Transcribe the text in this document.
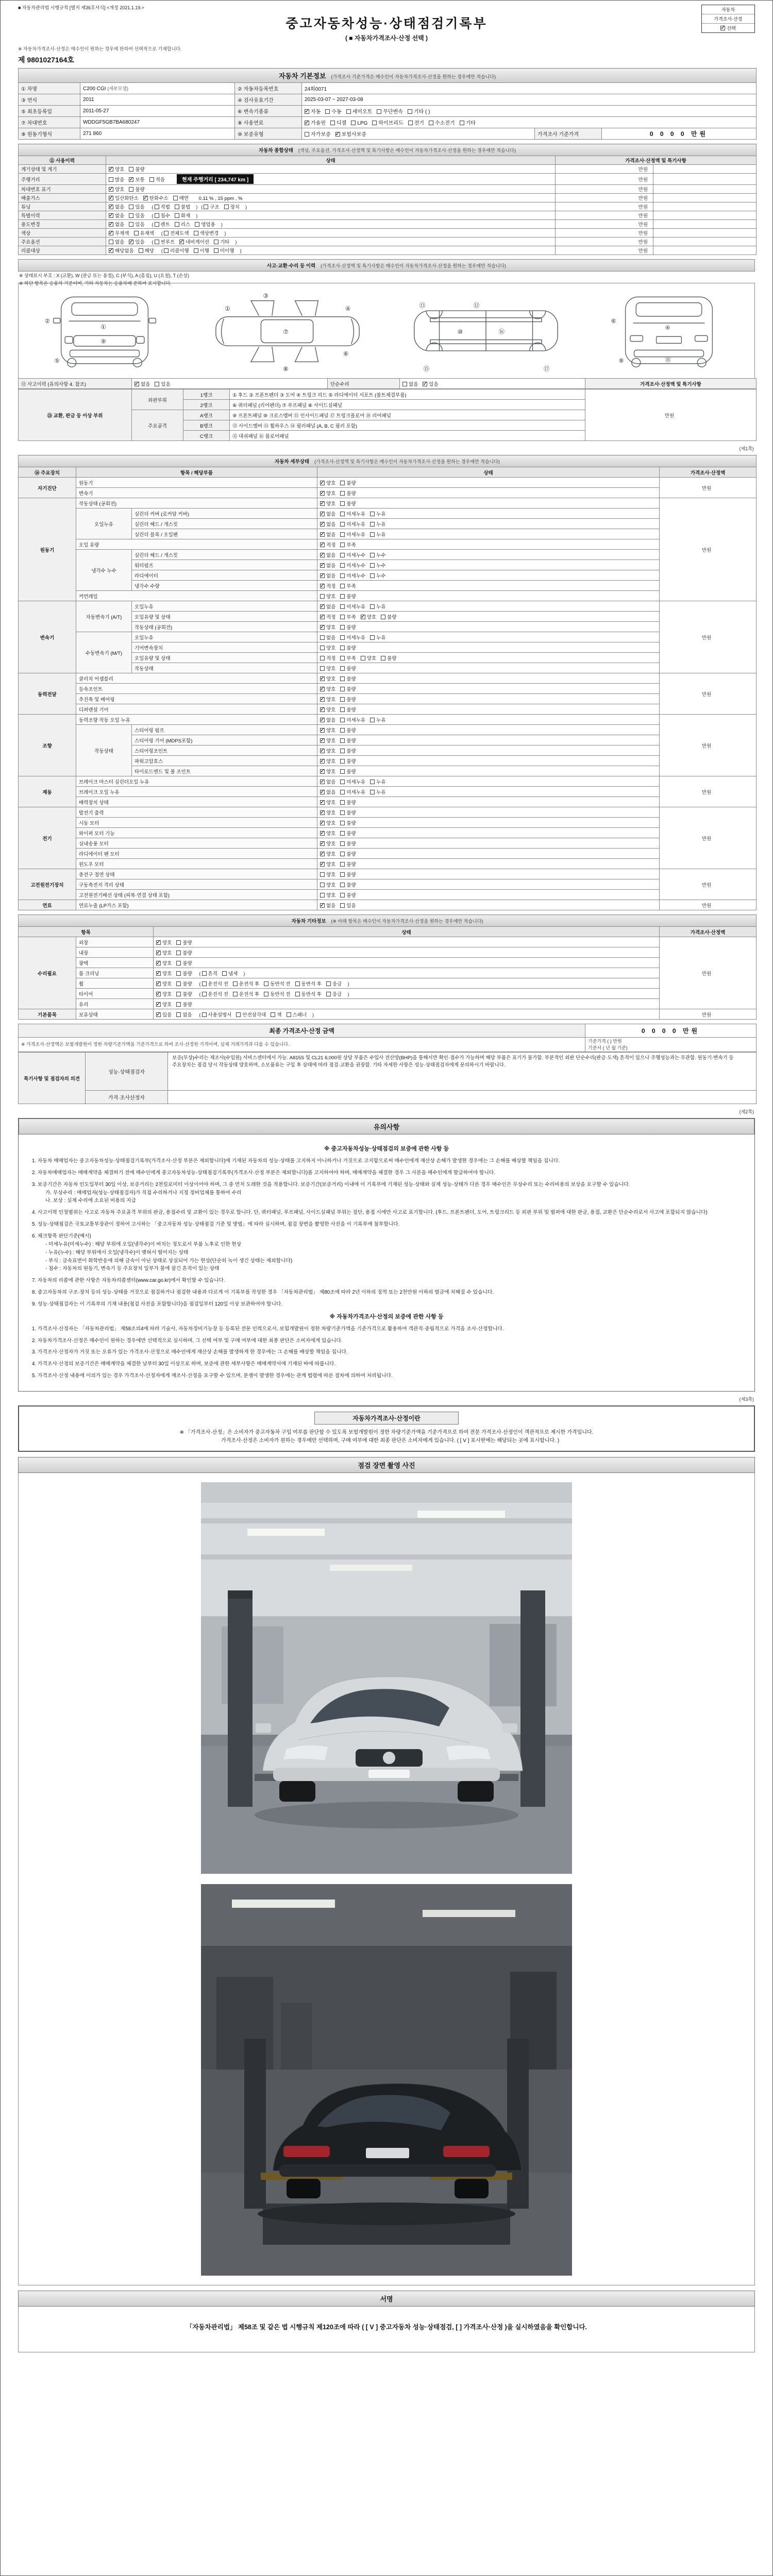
■ 자동차관리법 시행규칙 [별지 제36호서식] <개정 2021.1.19.>	자동차
가격조사·산정
✓선택
중고자동차성능·상태점검기록부
( ■ 자동차가격조사·산정 선택 )
※ 자동차가격조사·산정은 매수인이 원하는 경우에 한하여 선택적으로 기재합니다.
제 9801027164호
자동차 기본정보 (가격조사 기준가격은 매수인이 자동차가격조사·산정을 원하는 경우에만 적습니다)					
① 차명	C200 CGI (세부모델)	② 자동차등록번호	24회0071		
③ 연식	2011	④ 검사유효기간	2025-03-07 ~ 2027-03-08		
⑤ 최초등록일	2011-05-27	⑥ 변속기종류	✓자동 수동 세미오토 무단변속 기타 ( )
⑦ 차대번호	WDDGF5GB7BA680247	⑧ 사용연료	✓가솔린 디젤 LPG 하이브리드 전기 수소전기 기타
⑨ 원동기형식	271 860	⑩ 보증유형	자가보증 ✓ 보험사보증	가격조사 기준가격	0 0 0 0 만원
자동차 종합상태 (색상, 주요옵션, 가격조사·산정액 및 특기사항은 매수인이 자동차가격조사·산정을 원하는 경우에만 적습니다)			
⑪ 사용이력	상태	가격조사·산정액 및 특기사항	
계기상태 및 계기	✓양호 불량	만원	
주행거리	많음 ✓ 보통 적음 현재 주행거리 [ 234,747 km ]	만원	
차대번호 표기	✓양호 불량	만원	
배출가스	✓일산화탄소 ✓ 탄화수소 매연 0.11 % , 15 ppm , %	만원	
튜닝	✓없음 있음 ( 적법 불법 ) ( 구조 장치 )	만원	
특별이력	✓없음 있음 ( 침수 화재 )	만원	
용도변경	✓없음 있음 ( 렌트 리스 영업용 )	만원	
색상	✓무채색 유채색 ( 전체도색 색상변경 )	만원	
주요옵션	없음 ✓ 있음 ( 썬루프 ✓ 네비게이션 기타 )	만원	
리콜대상	✓해당없음 해당 ( 리콜이행 이행 미이행 )	만원	
사고·교환·수리 등 이력 (가격조사·산정액 및 특기사항은 매수인이 자동차가격조사·산정을 원하는 경우에만 적습니다)
※ 상태표시 부호 : X (교환), W (판금 또는 용접), C (부식), A (흠집), U (요철), T (손상)
※ 하단 항목은 승용차 기준이며, 기타 자동차는 승용차에 준하여 표시합니다.
①
②
⑨
⑤
⑦
③
①	④
⑥
⑧
⑩	⑯
⑬	⑫
⑮	⑰
④
⑥
⑱
⑧
⑫ 사고이력 (유의사항 4. 참조)	✓없음 있음	단순수리	없음 ✓ 있음	가격조사·산정액 및 특기사항
⑬ 교환, 판금 등 이상 부위	외판부위	1랭크	① 후드 ② 프론트펜더 ③ 도어 ④ 트렁크 리드 ⑤ 라디에이터 서포트 (볼트체결부품)	만원
		2랭크	⑥ 쿼터패널 (리어펜더) ⑦ 루프패널 ⑧ 사이드실패널	
	주요골격	A랭크	⑨ 프론트패널 ⑩ 크로스멤버 ⑪ 인사이드패널 ⑰ 트렁크플로어 ⑱ 리어패널	
		B랭크	⑫ 사이드멤버 ⑬ 휠하우스 ⑭ 필러패널 (A, B, C 필러 포함)	
		C랭크	⑮ 대쉬패널 ⑯ 플로어패널	
(제1쪽)
자동차 세부상태 (가격조사·산정액 및 특기사항은 매수인이 자동차가격조사·산정을 원하는 경우에만 적습니다)				
⑭ 주요장치	항목 / 해당부품		상태	가격조사·산정액
자기진단	원동기	✓양호 불량	만원
	변속기	✓양호 불량
원동기	작동상태 (공회전)	✓양호 불량	만원
	오일누유	실린더 커버 (로커암 커버)	✓없음 미세누유 누유
		실린더 헤드 / 개스킷	✓없음 미세누유 누유
		실린더 블록 / 오일팬	✓없음 미세누유 누유
	오일 유량	✓적정 부족
	냉각수 누수	실린더 헤드 / 개스킷	✓없음 미세누수 누수
		워터펌프	✓없음 미세누수 누수
		라디에이터	✓없음 미세누수 누수
		냉각수 수량	✓적정 부족
	커먼레일		양호 불량	
변속기	자동변속기 (A/T)	오일누유	✓없음 미세누유 누유	만원
		오일유량 및 상태	✓적정 부족 ✓ 양호 불량
		작동상태 (공회전)	✓양호 불량
	수동변속기 (M/T)	오일누유	없음 미세누유 누유	
		기어변속장치	양호 불량	
		오일유량 및 상태	적정 부족 양호 불량	
		작동상태	양호 불량	
동력전달	클러치 어셈블리	✓양호 불량	만원
	등속조인트	✓양호 불량
	추진축 및 베어링	✓양호 불량
	디퍼렌셜 기어	✓양호 불량
조향	동력조향 작동 오일 누유	✓없음 미세누유 누유	만원
	작동상태	스티어링 펌프	✓양호 불량
		스티어링 기어 (MDPS포함)	✓양호 불량
		스티어링조인트	✓양호 불량
		파워고압호스	✓양호 불량
		타이로드엔드 및 볼 조인트	✓양호 불량
제동	브레이크 마스터 실린더오일 누유	✓없음 미세누유 누유	만원
	브레이크 오일 누유	✓없음 미세누유 누유
	배력장치 상태	✓양호 불량
전기	발전기 출력	✓양호 불량	만원
	시동 모터	✓양호 불량
	와이퍼 모터 기능	✓양호 불량
	실내송풍 모터	✓양호 불량
	라디에이터 팬 모터	✓양호 불량
	윈도우 모터	✓양호 불량
고전원전기장치	충전구 절연 상태		양호 불량	만원
	구동축전지 격리 상태		양호 불량	
	고전원전기배선 상태 (피복·연결 상태 포함)		양호 불량	
연료	연료누출 (LP가스 포함)	✓없음 있음	만원
자동차 기타정보 (※ 아래 항목은 매수인이 자동차가격조사·산정을 원하는 경우에만 적습니다)			
항목		상태	가격조사·산정액
수리필요	외장	✓양호 불량	만원
	내장	✓양호 불량
	광택	✓양호 불량
	룸 크리닝	✓양호 불량 ( 흔적 냄새 )
	휠	✓양호 불량 ( 운전석 전 운전석 후 동반석 전 동반석 후 응급 )
	타이어	✓양호 불량 ( 운전석 전 운전석 후 동반석 전 동반석 후 응급 )
	유리	✓양호 불량
기본품목	보유상태	✓있음 없음 ( 사용설명서 안전삼각대 잭 스패너 )	만원
최종 가격조사·산정 금액	0 0 0 0 만원
※ 가격조사·산정액은 보험개발원이 정한 차량기준가액을 기준가격으로 하여 조사·산정한 가격이며, 실제 거래가격과 다를 수 있습니다.	기준가격 ( ) 만원
기준서 ( 년 월 기준)
특기사항 및 점검자의 의견	성능·상태점검자	보증(무상)수리는 제조사(수입원) 서비스센터에서 가능. A815S 및 CL21 6,000원 상당 부품은 수입사 전산망(BHP)을 통해서만 확인·접수가 가능하며 해당 부품은 표기가 불가함. 부분적인 외판 단순수리(판금·도색) 흔적이 있으나 주행성능과는 무관함. 원동기·변속기 등 주요장치는 점검 당시 작동상태 양호하며, 소모품류는 구입 후 상태에 따라 점검·교환을 권장함. 기타 자세한 사항은 성능·상태점검자에게 문의하시기 바랍니다.
	가격·조사산정자	
(제2쪽)
유의사항
※ 중고자동차성능·상태점검의 보증에 관한 사항 등

1. 자동차 매매업자는 중고자동차성능·상태점검기록부(가격조사·산정 부분은 제외합니다)에 기재된 자동차의 성능·상태를 고지하지 아니하거나 거짓으로 고지함으로써 매수인에게 재산상 손해가 발생한 경우에는 그 손해를 배상할 책임을 집니다.

2. 자동차매매업자는 매매계약을 체결하기 전에 매수인에게 중고자동차성능·상태점검기록부(가격조사·산정 부분은 제외합니다)를 고지하여야 하며, 매매계약을 체결한 경우 그 사본을 매수인에게 발급하여야 합니다.

3. 보증기간은 자동차 인도일부터 30일 이상, 보증거리는 2천킬로미터 이상이어야 하며, 그 중 먼저 도래한 것을 적용합니다. 보증기간(보증거리) 이내에 이 기록부에 기재된 성능·상태와 실제 성능·상태가 다른 경우 매수인은 무상수리 또는 수리비용의 보상을 요구할 수 있습니다.
가. 무상수리 : 매매업자(성능·상태점검자)가 직접 수리하거나 지정 정비업체를 통하여 수리
나. 보상 : 실제 수리에 소요된 비용의 지급

4. 사고이력 인정범위는 사고로 자동차 주요골격 부위의 판금, 용접수리 및 교환이 있는 경우로 합니다. 단, 쿼터패널, 루프패널, 사이드실패널 부위는 절단, 용접 시에만 사고로 표기합니다. (후드, 프론트펜더, 도어, 트렁크리드 등 외판 부위 및 범퍼에 대한 판금, 용접, 교환은 단순수리로서 사고에 포함되지 않습니다)

5. 성능·상태점검은 국토교통부장관이 정하여 고시하는 「중고자동차 성능·상태점검 기준 및 방법」에 따라 실시하며, 점검 장면을 촬영한 사진을 이 기록부에 첨부합니다.

6. 체크항목 판단기준(예시)
- 미세누유(미세누수) : 해당 부위에 오일(냉각수)이 비치는 정도로서 부품 노후로 인한 현상
- 누유(누수) : 해당 부위에서 오일(냉각수)이 맺혀서 떨어지는 상태
- 부식 : 금속표면이 화학반응에 의해 금속이 아닌 상태로 상실되어 가는 현상(단순히 녹이 생긴 상태는 제외합니다)
- 침수 : 자동차의 원동기, 변속기 등 주요장치 일부가 물에 잠긴 흔적이 있는 상태

7. 자동차의 리콜에 관한 사항은 자동차리콜센터(www.car.go.kr)에서 확인할 수 있습니다.

8. 중고자동차의 구조·장치 등의 성능·상태를 거짓으로 점검하거나 점검한 내용과 다르게 이 기록부를 작성한 경우 「자동차관리법」 제80조에 따라 2년 이하의 징역 또는 2천만원 이하의 벌금에 처해질 수 있습니다.

9. 성능·상태점검자는 이 기록부의 기재 내용(점검 사진을 포함합니다)을 점검일부터 120일 이상 보관하여야 합니다.

※ 자동차가격조사·산정의 보증에 관한 사항 등

1. 가격조사·산정자는 「자동차관리법」 제58조의4에 따라 기술사, 자동차정비기능장 등 등록된 전문 인력으로서, 보험개발원이 정한 차량기준가액을 기준가격으로 활용하여 객관적·중립적으로 가격을 조사·산정합니다.

2. 자동차가격조사·산정은 매수인이 원하는 경우에만 선택적으로 실시하며, 그 선택 여부 및 구매 여부에 대한 최종 판단은 소비자에게 있습니다.

3. 가격조사·산정자가 거짓 또는 오류가 있는 가격조사·산정으로 매수인에게 재산상 손해를 발생하게 한 경우에는 그 손해를 배상할 책임을 집니다.

4. 가격조사·산정의 보증기간은 매매계약을 체결한 날부터 30일 이상으로 하며, 보증에 관한 세부사항은 매매계약서에 기재된 바에 따릅니다.

5. 가격조사·산정 내용에 이의가 있는 경우 가격조사·산정자에게 재조사·산정을 요구할 수 있으며, 분쟁이 발생한 경우에는 관계 법령에 따른 절차에 의하여 처리됩니다.

(제3쪽)
자동차가격조사·산정이란
※ 「가격조사·산정」은 소비자가 중고자동차 구입 여부를 판단할 수 있도록 보험개발원이 정한 차량기준가액을 기준가격으로 하여 전문 가격조사·산정인이 객관적으로 제시한 가격입니다.
가격조사·산정은 소비자가 원하는 경우에만 선택하며, 구매 여부에 대한 최종 판단은 소비자에게 있습니다. ( [ V ] 표시란에는 해당되는 곳에 표시합니다. )
점검 장면 촬영 사진
서명
「자동차관리법」 제58조 및 같은 법 시행규칙 제120조에 따라 ( [ V ] 중고자동차 성능·상태점검, [ ] 가격조사·산정 )을 실시하였음을 확인합니다.
